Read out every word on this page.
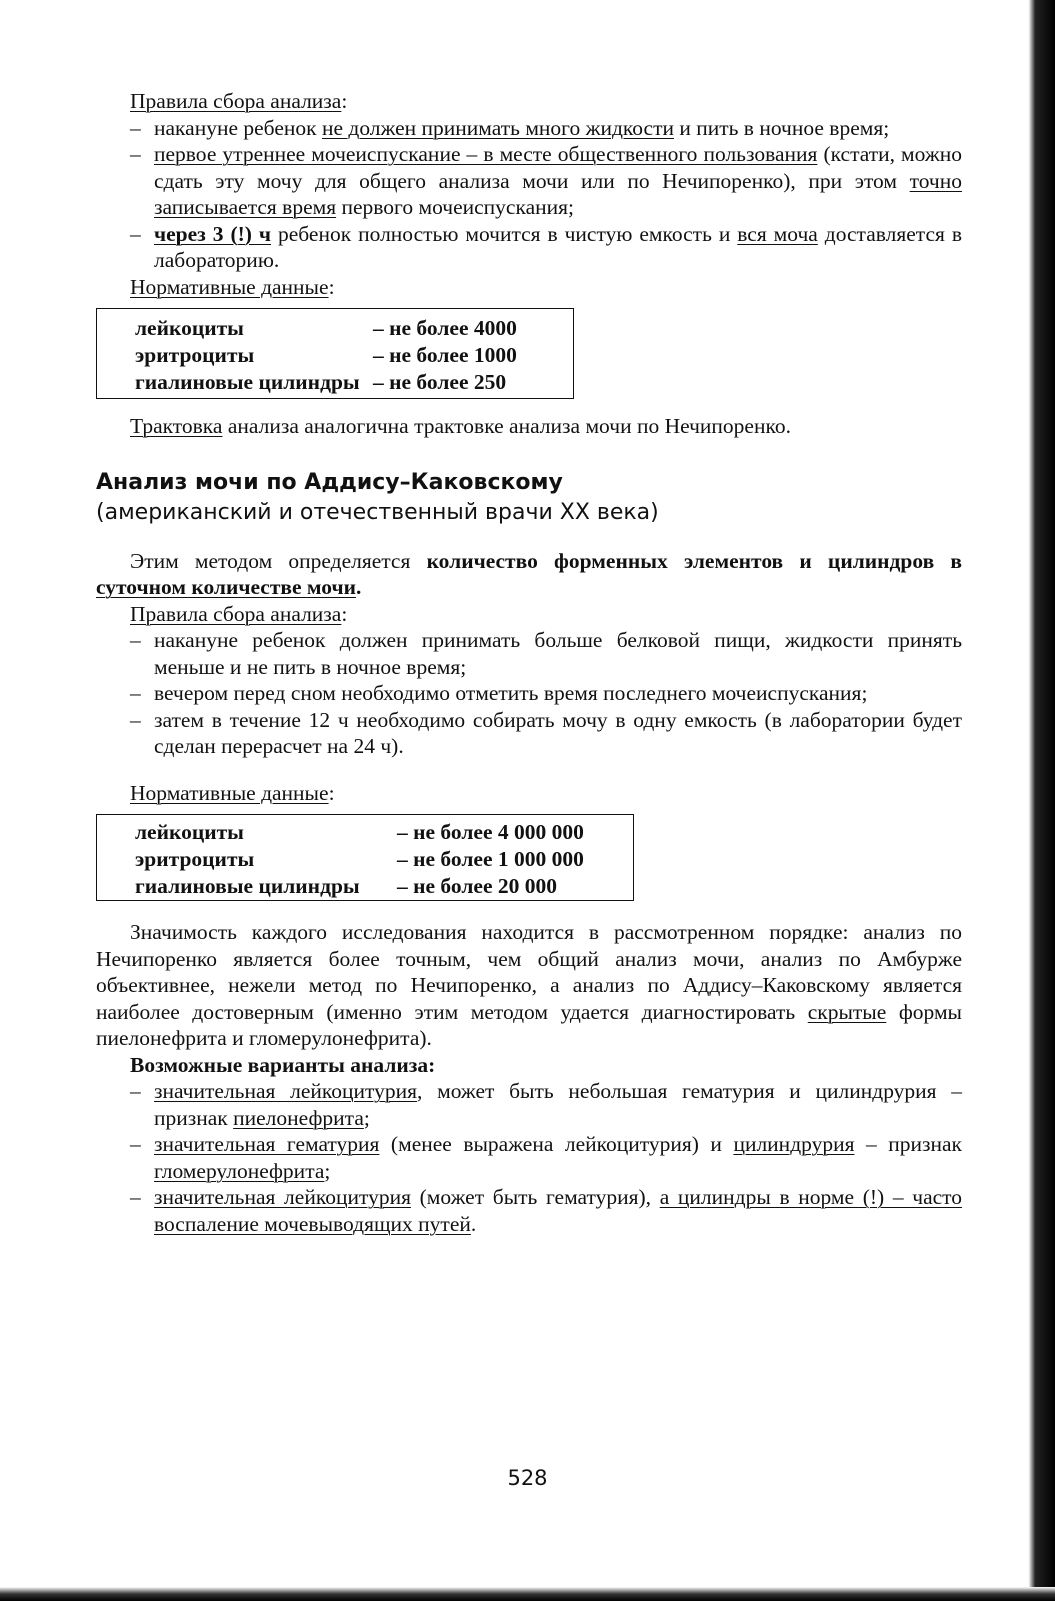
Правила сбора анализа:
– накануне ребенок не должен принимать много жидкости и пить в ночное время;
– первое утреннее мочеиспускание – в месте общественного пользования (кстати, можно сдать эту мочу для общего анализа мочи или по Нечипоренко), при этом точно записывается время первого мочеиспускания;
– через 3 (!) ч ребенок полностью мочится в чистую емкость и вся моча доставляется в лабораторию.
Нормативные данные:
лейкоциты	– не более 4000
эритроциты	– не более 1000
гиалиновые цилиндры	– не более 250
Трактовка анализа аналогична трактовке анализа мочи по Нечипоренко.
Анализ мочи по Аддису–Каковскому
(американский и отечественный врачи XX века)
Этим методом определяется количество форменных элементов и цилиндров в суточном количестве мочи.
Правила сбора анализа:
– накануне ребенок должен принимать больше белковой пищи, жидкости принять меньше и не пить в ночное время;
– вечером перед сном необходимо отметить время последнего мочеиспускания;
– затем в течение 12 ч необходимо собирать мочу в одну емкость (в лаборатории будет сделан перерасчет на 24 ч).
Нормативные данные:
лейкоциты	– не более 4 000 000
эритроциты	– не более 1 000 000
гиалиновые цилиндры	– не более 20 000
Значимость каждого исследования находится в рассмотренном порядке: анализ по Нечипоренко является более точным, чем общий анализ мочи, анализ по Амбурже объективнее, нежели метод по Нечипоренко, а анализ по Аддису–Каковскому является наиболее достоверным (именно этим методом удается диагностировать скрытые формы пиелонефрита и гломерулонефрита).
Возможные варианты анализа:
– значительная лейкоцитурия, может быть небольшая гематурия и цилиндрурия – признак пиелонефрита;
– значительная гематурия (менее выражена лейкоцитурия) и цилиндрурия – признак гломерулонефрита;
– значительная лейкоцитурия (может быть гематурия), а цилиндры в норме (!) – часто воспаление мочевыводящих путей.
528
